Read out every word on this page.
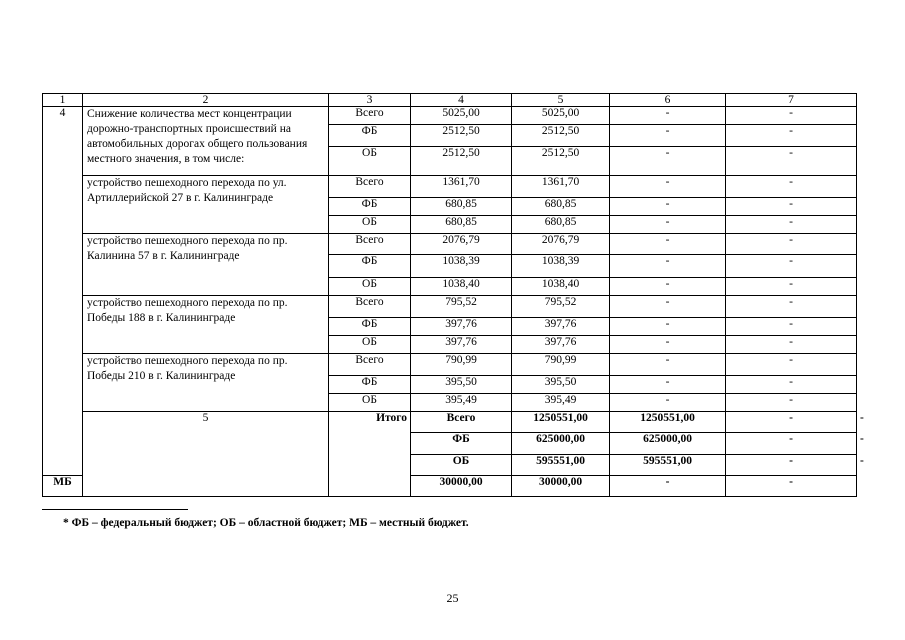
1	2	3	4	5	6	7	
4	Снижение количества мест концентрации дорожно-транспортных происшествий на автомобильных дорогах общего пользования местного значения, в том числе:	Всего	5025,00	5025,00	-	-	
		ФБ	2512,50	2512,50	-	-	
		ОБ	2512,50	2512,50	-	-	
	устройство пешеходного перехода по ул. Артиллерийской 27 в г. Калининграде	Всего	1361,70	1361,70	-	-	
		ФБ	680,85	680,85	-	-	
		ОБ	680,85	680,85	-	-	
	устройство пешеходного перехода по пр. Калинина 57 в г. Калининграде	Всего	2076,79	2076,79	-	-	
		ФБ	1038,39	1038,39	-	-	
		ОБ	1038,40	1038,40	-	-	
	устройство пешеходного перехода по пр. Победы 188 в г. Калининграде	Всего	795,52	795,52	-	-	
		ФБ	397,76	397,76	-	-	
		ОБ	397,76	397,76	-	-	
	устройство пешеходного перехода по пр. Победы 210 в г. Калининграде	Всего	790,99	790,99	-	-	
		ФБ	395,50	395,50	-	-	
		ОБ	395,49	395,49	-	-	
	5	Итого	Всего	1250551,00	1250551,00	-	-
			ФБ	625000,00	625000,00	-	-
			ОБ	595551,00	595551,00	-	-
МБ			30000,00	30000,00	-	-	
* ФБ – федеральный бюджет; ОБ – областной бюджет; МБ – местный бюджет.
25
